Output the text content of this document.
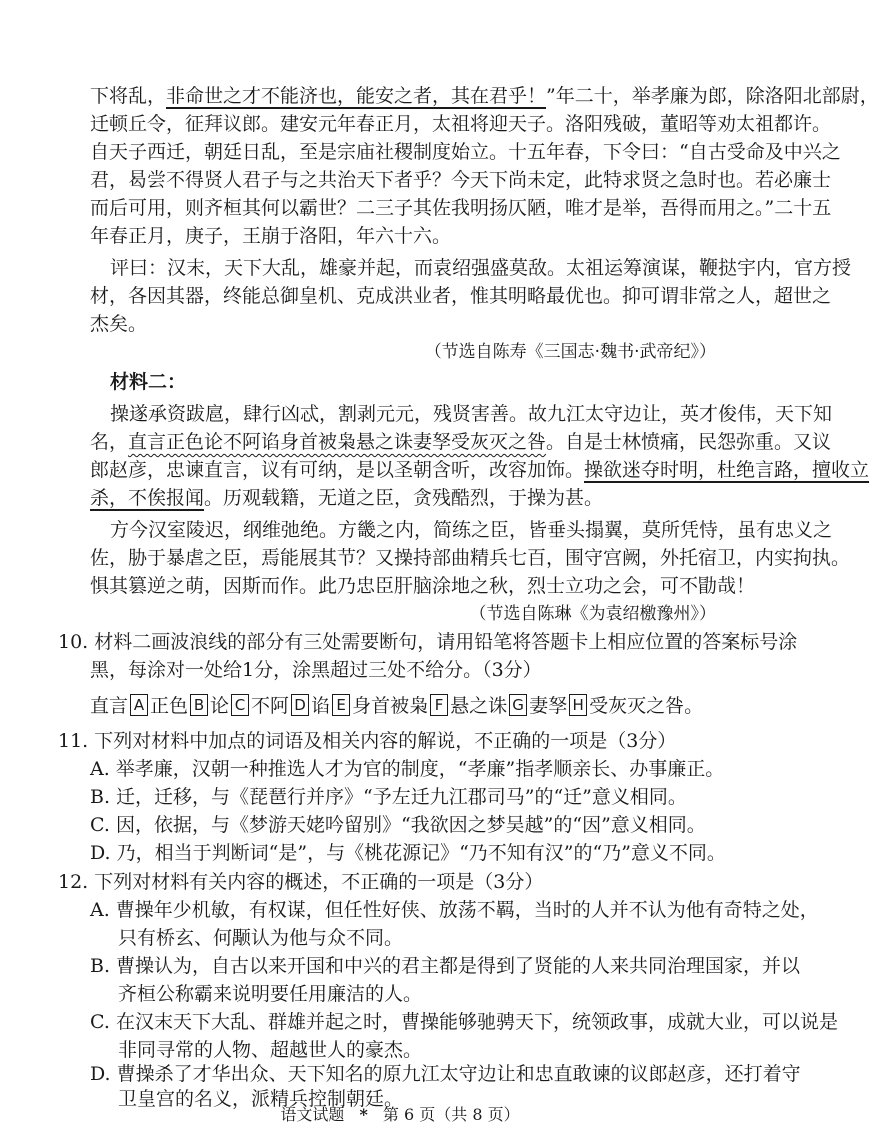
下将乱，非命世之才不能济也，能安之者，其在君乎！”年二十，举孝廉为郎，除洛阳北部尉，
迁顿丘令，征拜议郎。建安元年春正月，太祖将迎天子。洛阳残破，董昭等劝太祖都许。
自天子西迁，朝廷日乱，至是宗庙社稷制度始立。十五年春，下令曰：“自古受命及中兴之
君，曷尝不得贤人君子与之共治天下者乎？今天下尚未定，此特求贤之急时也。若必廉士
而后可用，则齐桓其何以霸世？二三子其佐我明扬仄陋，唯才是举，吾得而用之。”二十五
年春正月，庚子，王崩于洛阳，年六十六。
评曰：汉末，天下大乱，雄豪并起，而袁绍强盛莫敌。太祖运筹演谋，鞭挞宇内，官方授
材，各因其器，终能总御皇机、克成洪业者，惟其明略最优也。抑可谓非常之人，超世之
杰矣。
（节选自陈寿《三国志·魏书·武帝纪》）
材料二：
操遂承资跋扈，肆行凶忒，割剥元元，残贤害善。故九江太守边让，英才俊伟，天下知
名，直言正色论不阿谄身首被枭悬之诛妻孥受灰灭之咎。自是士林愤痛，民怨弥重。又议
郎赵彦，忠谏直言，议有可纳，是以圣朝含听，改容加饰。操欲迷夺时明，杜绝言路，擅收立
杀，不俟报闻。历观载籍，无道之臣，贪残酷烈，于操为甚。
方今汉室陵迟，纲维弛绝。方畿之内，简练之臣，皆垂头搨翼，莫所凭恃，虽有忠义之
佐，胁于暴虐之臣，焉能展其节？又操持部曲精兵七百，围守宫阙，外托宿卫，内实拘执。
惧其篡逆之萌，因斯而作。此乃忠臣肝脑涂地之秋，烈士立功之会，可不勖哉！
（节选自陈琳《为袁绍檄豫州》）
10. 材料二画波浪线的部分有三处需要断句，请用铅笔将答题卡上相应位置的答案标号涂
黑，每涂对一处给1分，涂黑超过三处不给分。（3分）
直言 A 正色 B 论 C 不阿 D 谄 E 身首被枭 F 悬之诛 G 妻孥 H 受灰灭之咎。
11. 下列对材料中加点的词语及相关内容的解说，不正确的一项是（3分）
A. 举孝廉，汉朝一种推选人才为官的制度，“孝廉”指孝顺亲长、办事廉正。
B. 迁，迁移，与《琵琶行并序》“予左迁九江郡司马”的“迁”意义相同。
C. 因，依据，与《梦游天姥吟留别》“我欲因之梦吴越”的“因”意义相同。
D. 乃，相当于判断词“是”，与《桃花源记》“乃不知有汉”的“乃”意义不同。
12. 下列对材料有关内容的概述，不正确的一项是（3分）
A. 曹操年少机敏，有权谋，但任性好侠、放荡不羁，当时的人并不认为他有奇特之处，
只有桥玄、何颙认为他与众不同。
B. 曹操认为，自古以来开国和中兴的君主都是得到了贤能的人来共同治理国家，并以
齐桓公称霸来说明要任用廉洁的人。
C. 在汉末天下大乱、群雄并起之时，曹操能够驰骋天下，统领政事，成就大业，可以说是
非同寻常的人物、超越世人的豪杰。
D. 曹操杀了才华出众、天下知名的原九江太守边让和忠直敢谏的议郎赵彦，还打着守
卫皇宫的名义，派精兵控制朝廷。
语文试题 * 第 6 页（共 8 页）
